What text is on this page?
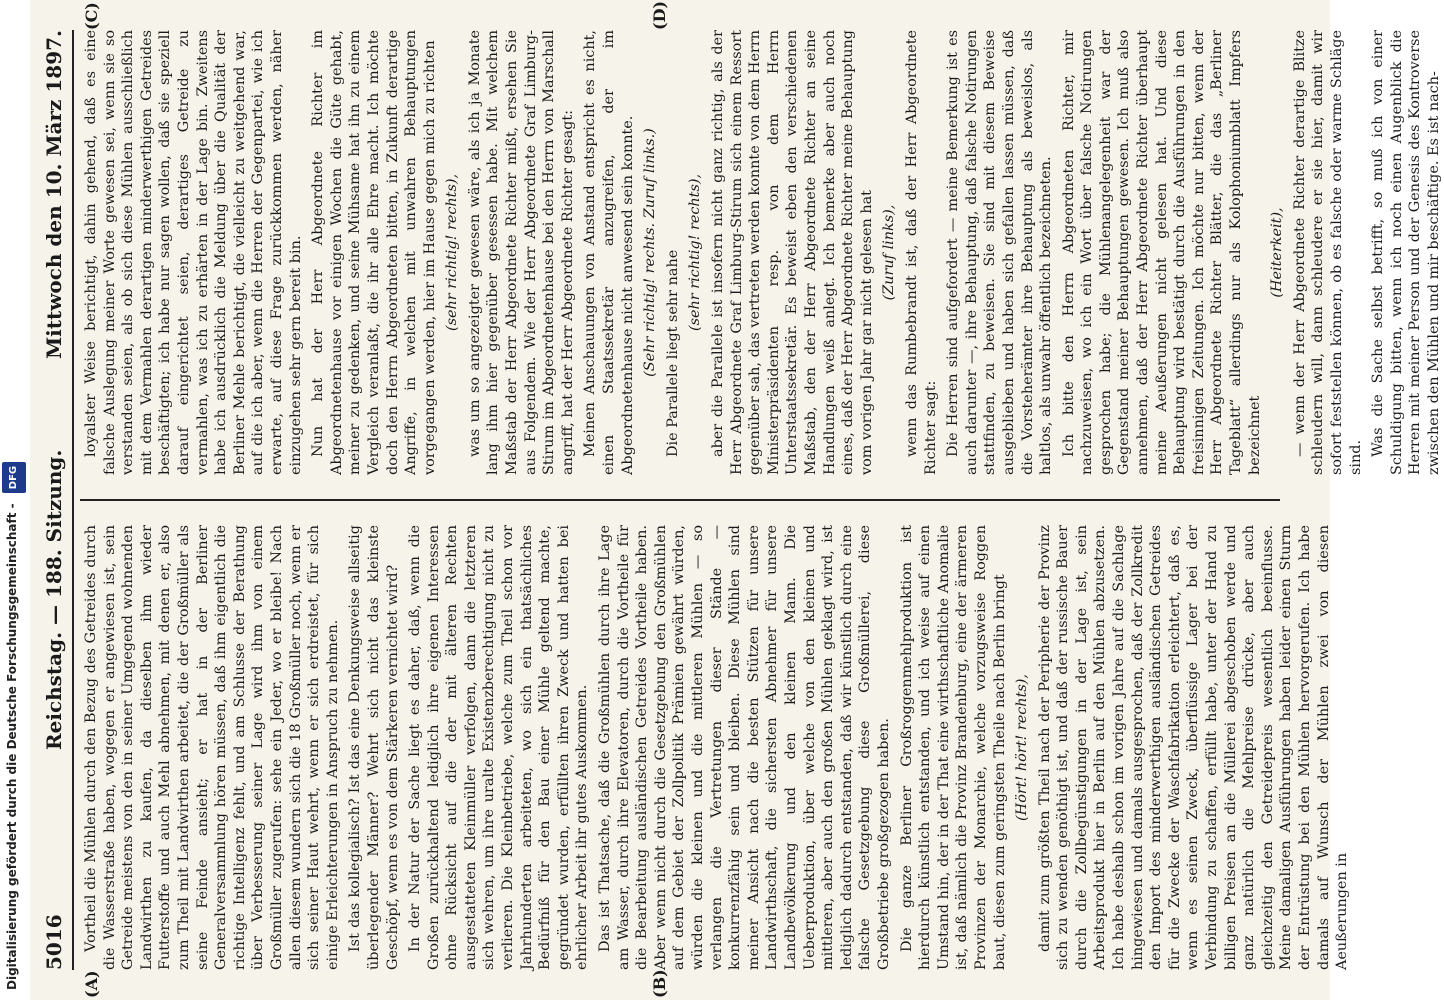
Digitalisierung gefördert durch die Deutsche Forschungsgemeinschaft - DFG
5016
Reichstag. — 188. Sitzung.
Mittwoch den 10. März 1897.
(A)	(B)
(C)	(D)

Vortheil die Mühlen durch den Bezug des Getreides durch die Wasserstraße haben, wogegen er angewiesen ist, sein Getreide meistens von den in seiner Umgegend wohnenden Landwirthen zu kaufen, da dieselben ihm wieder Futterstoffe und auch Mehl abnehmen, mit denen er, also zum Theil mit Landwirthen arbeitet, die der Großmüller als seine Feinde ansieht; er hat in der Berliner Generalversammlung hören müssen, daß ihm eigentlich die richtige Intelligenz fehlt, und am Schlusse der Berathung über Verbesserung seiner Lage wird ihm von einem Großmüller zugerufen: sehe ein Jeder, wo er bleibe! Nach allen diesem wundern sich die 18 Großmüller noch, wenn er sich seiner Haut wehrt, wenn er sich erdreistet, für sich einige Erleichterungen in Anspruch zu nehmen. Ist das kollegialisch? Ist das eine Denkungsweise allseitig überlegender Männer? Wehrt sich nicht das kleinste Geschöpf, wenn es von dem Stärkeren vernichtet wird? In der Natur der Sache liegt es daher, daß, wenn die Großen zurückhaltend lediglich ihre eigenen Interessen ohne Rücksicht auf die der mit älteren Rechten ausgestatteten Kleinmüller verfolgen, dann die letzteren sich wehren, um ihre uralte Existenzberechtigung nicht zu verlieren. Die Kleinbetriebe, welche zum Theil schon vor Jahrhunderten arbeiteten, wo sich ein thatsächliches Bedürfniß für den Bau einer Mühle geltend machte, gegründet wurden, erfüllten ihren Zweck und hatten bei ehrlicher Arbeit ihr gutes Auskommen. Das ist Thatsache, daß die Großmühlen durch ihre Lage am Wasser, durch ihre Elevatoren, durch die Vortheile für die Bearbeitung ausländischen Getreides Vortheile haben. Aber wenn nicht durch die Gesetzgebung den Großmühlen auf dem Gebiet der Zollpolitik Prämien gewährt würden, würden die kleinen und die mittleren Mühlen — so verlangen die Vertretungen dieser Stände — konkurrenzfähig sein und bleiben. Diese Mühlen sind meiner Ansicht nach die besten Stützen für unsere Landwirthschaft, die sichersten Abnehmer für unsere Landbevölkerung und den kleinen Mann. Die Ueberproduktion, über welche von den kleinen und mittleren, aber auch den großen Mühlen geklagt wird, ist lediglich dadurch entstanden, daß wir künstlich durch eine falsche Gesetzgebung diese Großmüllerei, diese Großbetriebe großgezogen haben. Die ganze Berliner Großroggenmehlproduktion ist hierdurch künstlich entstanden, und ich weise auf einen Umstand hin, der in der That eine wirthschaftliche Anomalie ist, daß nämlich die Provinz Brandenburg, eine der ärmeren Provinzen der Monarchie, welche vorzugsweise Roggen baut, diesen zum geringsten Theile nach Berlin bringt (Hört! hört! rechts), damit zum größten Theil nach der Peripherie der Provinz sich zu wenden genöthigt ist, und daß der russische Bauer durch die Zollbegünstigungen in der Lage ist, sein Arbeitsprodukt hier in Berlin auf den Mühlen abzusetzen. Ich habe deshalb schon im vorigen Jahre auf die Sachlage hingewiesen und damals ausgesprochen, daß der Zollkredit den Import des minderwerthigen ausländischen Getreides für die Zwecke der Waschfabrikation erleichtert, daß es, wenn es seinen Zweck, überflüssige Lager bei der Verbindung zu schaffen, erfüllt habe, unter der Hand zu billigen Preisen an die Müllerei abgeschoben werde und ganz natürlich die Mehlpreise drücke, aber auch gleichzeitig den Getreidepreis wesentlich beeinflusse. Meine damaligen Ausführungen haben leider einen Sturm der Entrüstung bei den Mühlen hervorgerufen. Ich habe damals auf Wunsch der Mühlen zwei von diesen Aeußerungen in

loyalster Weise berichtigt, dahin gehend, daß es eine falsche Auslegung meiner Worte gewesen sei, wenn sie so verstanden seien, als ob sich diese Mühlen ausschließlich mit dem Vermahlen derartigen minderwerthigen Getreides beschäftigten; ich habe nur sagen wollen, daß sie speziell darauf eingerichtet seien, derartiges Getreide zu vermahlen, was ich zu erhärten in der Lage bin. Zweitens habe ich ausdrücklich die Meldung über die Qualität der Berliner Mehle berichtigt, die vielleicht zu weitgehend war, auf die ich aber, wenn die Herren der Gegenpartei, wie ich erwarte, auf diese Frage zurückkommen werden, näher einzugehen sehr gern bereit bin. Nun hat der Herr Abgeordnete Richter im Abgeordnetenhause vor einigen Wochen die Güte gehabt, meiner zu gedenken, und seine Mühsame hat ihn zu einem Vergleich veranlaßt, die ihr alle Ehre macht. Ich möchte doch den Herrn Abgeordneten bitten, in Zukunft derartige Angriffe, in welchen mit unwahren Behauptungen vorgegangen werden, hier im Hause gegen mich zu richten (sehr richtig! rechts), was um so angezeigter gewesen wäre, als ich ja Monate lang ihm hier gegenüber gesessen habe. Mit welchem Maßstab der Herr Abgeordnete Richter mißt, ersehen Sie aus Folgendem. Wie der Herr Abgeordnete Graf Limburg-Stirum im Abgeordnetenhause bei den Herrn von Marschall angriff, hat der Herr Abgeordnete Richter gesagt: Meinen Anschauungen von Anstand entspricht es nicht, einen Staatssekretär anzugreifen, der im Abgeordnetenhause nicht anwesend sein konnte. (Sehr richtig! rechts. Zuruf links.) Die Parallele liegt sehr nahe (sehr richtig! rechts), aber die Parallele ist insofern nicht ganz richtig, als der Herr Abgeordnete Graf Limburg-Stirum sich einem Ressort gegenüber sah, das vertreten werden konnte von dem Herrn Ministerpräsidenten resp. von dem Herrn Unterstaatssekretär. Es beweist eben den verschiedenen Maßstab, den der Herr Abgeordnete Richter an seine Handlungen weiß anlegt. Ich bemerke aber auch noch eines, daß der Herr Abgeordnete Richter meine Behauptung vom vorigen Jahr gar nicht gelesen hat (Zuruf links), wenn das Rumbebrandt ist, daß der Herr Abgeordnete Richter sagt: Die Herren sind aufgefordert — meine Bemerkung ist es auch darunter —, ihre Behauptung, daß falsche Notirungen stattfinden, zu beweisen. Sie sind mit diesem Beweise ausgeblieben und haben sich gefallen lassen müssen, daß die Vorsteherämter ihre Behauptung als beweislos, als haltlos, als unwahr öffentlich bezeichneten. Ich bitte den Herrn Abgeordneten Richter, mir nachzuweisen, wo ich ein Wort über falsche Notirungen gesprochen habe; die Mühlenangelegenheit war der Gegenstand meiner Behauptungen gewesen. Ich muß also annehmen, daß der Herr Abgeordnete Richter überhaupt meine Aeußerungen nicht gelesen hat. Und diese Behauptung wird bestätigt durch die Ausführungen in den freisinnigen Zeitungen. Ich möchte nur bitten, wenn der Herr Abgeordnete Richter Blätter, die das „Berliner Tageblatt“ allerdings nur als Kolophoniumblatt Impfers bezeichnet

(Heiterkeit), — wenn der Herr Abgeordnete Richter derartige Blitze schleudern will, dann schleudere er sie hier, damit wir sofort feststellen können, ob es falsche oder warme Schläge sind.

Was die Sache selbst betrifft, so muß ich von einer Schuldigung bitten, wenn ich noch einen Augenblick die Herren mit meiner Person und der Genesis des Kontroverse zwischen den Mühlen und mir beschäftige. Es ist nach-
